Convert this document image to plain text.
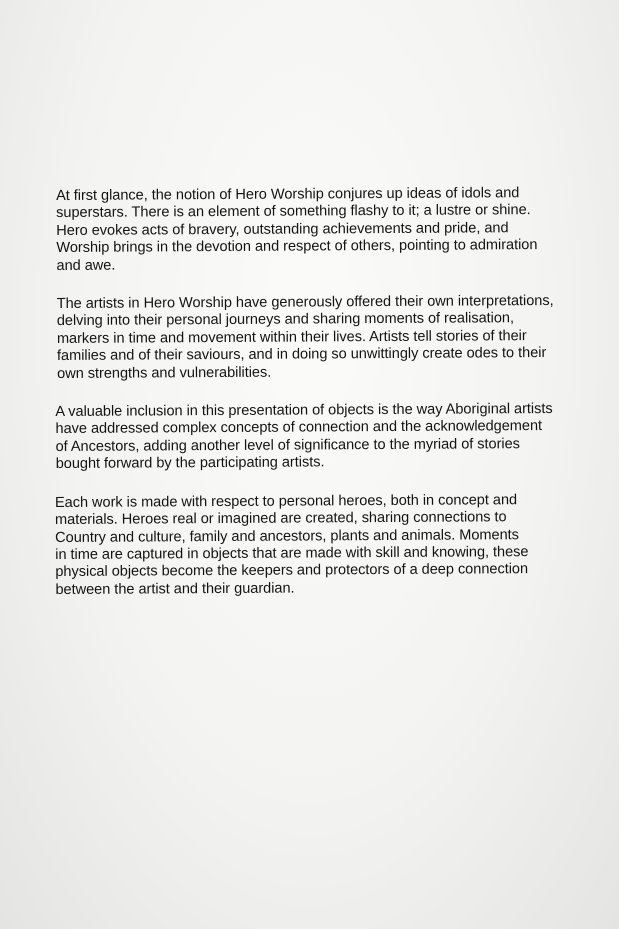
At first glance, the notion of Hero Worship conjures up ideas of idols and
superstars. There is an element of something flashy to it; a lustre or shine.
Hero evokes acts of bravery, outstanding achievements and pride, and
Worship brings in the devotion and respect of others, pointing to admiration
and awe.

The artists in Hero Worship have generously offered their own interpretations,
delving into their personal journeys and sharing moments of realisation,
markers in time and movement within their lives. Artists tell stories of their
families and of their saviours, and in doing so unwittingly create odes to their
own strengths and vulnerabilities.

A valuable inclusion in this presentation of objects is the way Aboriginal artists
have addressed complex concepts of connection and the acknowledgement
of Ancestors, adding another level of significance to the myriad of stories
bought forward by the participating artists.

Each work is made with respect to personal heroes, both in concept and
materials. Heroes real or imagined are created, sharing connections to
Country and culture, family and ancestors, plants and animals. Moments
in time are captured in objects that are made with skill and knowing, these
physical objects become the keepers and protectors of a deep connection
between the artist and their guardian.
